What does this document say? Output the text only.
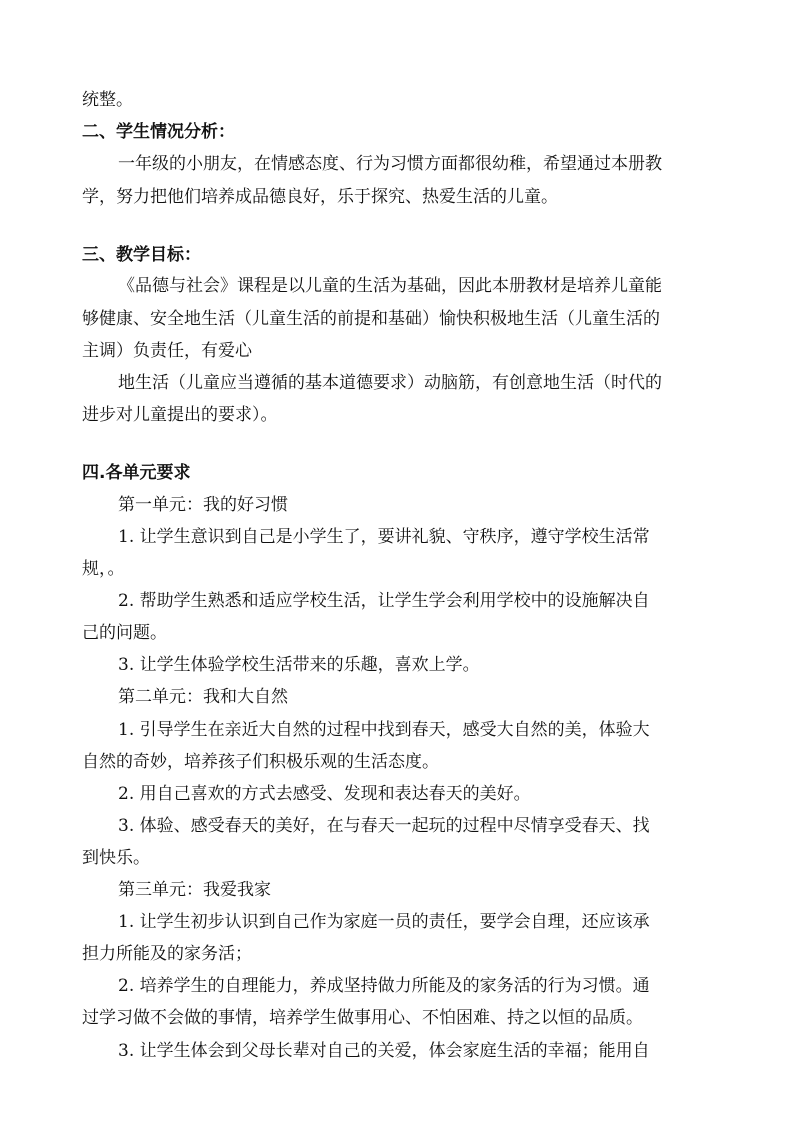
统整。
二、学生情况分析：
一年级的小朋友，在情感态度、行为习惯方面都很幼稚，希望通过本册教
学，努力把他们培养成品德良好，乐于探究、热爱生活的儿童。
三、教学目标：
《品德与社会》课程是以儿童的生活为基础，因此本册教材是培养儿童能
够健康、安全地生活（儿童生活的前提和基础）愉快积极地生活（儿童生活的
主调）负责任，有爱心
地生活（儿童应当遵循的基本道德要求）动脑筋，有创意地生活（时代的
进步对儿童提出的要求）。
四.各单元要求
第一单元：我的好习惯
1. 让学生意识到自己是小学生了，要讲礼貌、守秩序，遵守学校生活常
规，。
2. 帮助学生熟悉和适应学校生活，让学生学会利用学校中的设施解决自
己的问题。
3. 让学生体验学校生活带来的乐趣，喜欢上学。
第二单元：我和大自然
1. 引导学生在亲近大自然的过程中找到春天，感受大自然的美，体验大
自然的奇妙，培养孩子们积极乐观的生活态度。
2. 用自己喜欢的方式去感受、发现和表达春天的美好。
3. 体验、感受春天的美好，在与春天一起玩的过程中尽情享受春天、找
到快乐。
第三单元：我爱我家
1. 让学生初步认识到自己作为家庭一员的责任，要学会自理，还应该承
担力所能及的家务活；
2. 培养学生的自理能力，养成坚持做力所能及的家务活的行为习惯。通
过学习做不会做的事情，培养学生做事用心、不怕困难、持之以恒的品质。
3. 让学生体会到父母长辈对自己的关爱，体会家庭生活的幸福；能用自
